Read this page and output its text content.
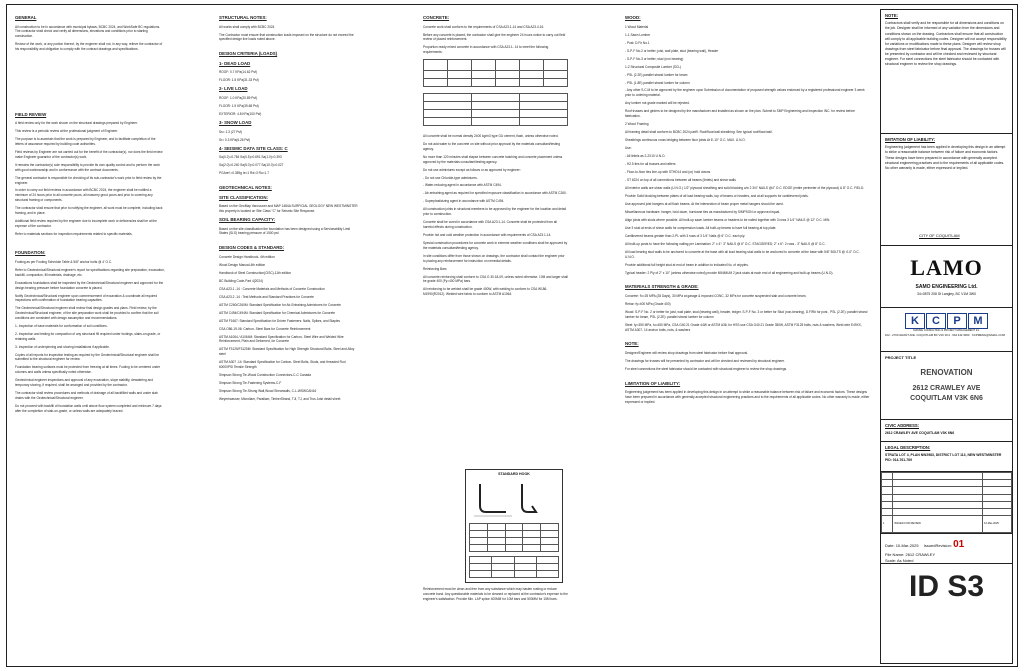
GENERAL

All construction to be in accordance with municipal bylaws, BCBC 2024, and WorkSafe BC regulations. The contractor shall check and verify all dimensions, elevations and conditions prior to starting construction.

Review of the work, or any portion thereof, by the engineer shall not, in any way, relieve the contractor of his responsibility and obligation to comply with the contract drawings and specifications.

FIELD REVIEW

A field review only for the work shown on the structural drawings prepared by Engineer.

This review is a periodic review at the professional judgment of Engineer.

The purpose is to ascertain that the work is prepared by Engineer, and to facilitate completion of the letters of assurance required by building code authorities.

Field reviews by Engineer are not carried out for the benefit of the contractor(s), nor does the field review make Engineer guarantor of the contractor(s) work.

It remains the contractor(s) sole responsibility to provide its own quality control and to perform the work with good workmanship and in conformance with the contract documents.

The general contractor is responsible for checking of its sub-contractor's work prior to field review by the engineer.

In order to carry out field reviews in accordance with BCBC 2024, the engineer shall be notified a minimum of 24 hours prior to all concrete pours, all masonry grout pours and prior to covering any structural framing or components.

The contractor shall ensure that prior to notifying the engineer, all work must be complete, including back framing, and in place.

Additional field review required by the engineer due to incomplete work or deficiencies shall be at the expense of the contractor.

Refer to materials sections for inspection requirements related to specific materials.

FOUNDATION:

Footing as per Footing Schedule Table & 5/8" anchor bolts @ 4' O.C.

Refer to Geotechnical/Structural engineer's report for specifications regarding site preparation, excavation, backfill, compaction, fill materials, drainage, etc.

Excavations foundations shall be inspected by the Geotechnical/Structural engineer and approved for the design bearing pressure before foundation concrete is placed.

Notify Geotechnical/Structural engineer upon commencement of excavation & coordinate all required inspections with confirmation of foundation bearing capacities.

The Geotechnical/Structural engineer shall review final design grades and plans. Field review, by the Geotechnical/Structural engineer, of the site preparation work shall be provided to confirm that the soil conditions are consistent with design assumption and recommendations.

1- Inspection of base materials for conformation of soil conditions.

2- Inspection and testing for compaction of any structural fill required under footings, slabs-on-grade, or retaining walls.

3- Inspection of underpinning and shoring installations if applicable.

Copies of all reports for inspection testing as required by the Geotechnical/Structural engineer shall be submitted to the structural engineer for review.

Foundation bearing surfaces must be protected from freezing at all times. Footing to be centered under columns and walls unless specifically noted otherwise.

Geotechnical engineer inspections and approval of any excavation, slope stability, dewatering and temporary shoring, if required, shall be arranged and provided by the contractor.

The contractor shall review procedures and methods of drainage of all backfilled walls and under slab drains with the Geotechnical/Structural engineer.

Do not proceed with backfill of foundation walls until above floor system completed and minimum 7 days after the completion of slab-on-grade, or unless walls are adequately braced.

STRUCTURAL NOTES:

All works shall comply with BCBC 2024

The Contractor must ensure that construction loads imposed on the structure do not exceed the specified design live loads noted above.

DESIGN CRITERIA (LOADS)
1- DEAD LOAD

ROOF: 0.7 KPa(14.62 Psf)

FLOOR: 1.5 KPa(31.33 Psf)

2- LIVE LOAD

ROOF: 1.0 KPa(20.89 Psf)

FLOOR: 1.9 KPa(39.68 Psf)

EXTERIOR: 4.8 KPa(100 Psf)

3- SNOW LOAD

Ss= 1.3 (27 Psf)

Sr= 0.3 KPa(6.26 Psf)

4- SEISMIC DATA SITE CLASS: C

Sa(0.2)=0.784 Sa(0.5)=0.691 Sa(1.0)=0.393

Sa(2.0)=0.240 Sa(5.0)=0.077 Sa(10.0)=0.027

PGAref =0.359g Ie=1 Rd=3 Ro=1.7

GEOTECHNICAL NOTES:
SITE CLASSIFICATION:

Based on the GeoMap Vancouver and MAP 1484A SURFICIAL GEOLOGY NEW WESTMINSTER this property is located on Site Class "C" for Seismic Site Response.

SOIL BEARING CAPACITY:

Based on the site classification the foundation has been designed using a Serviceability Limit States (SLS) bearing pressure of 1500 psf.

DESIGN CODES & STANDARD:

Concrete Design Handbook- 4th edition

Wood Design Manual-4th edition

Handbook of Steel Construction(CISC)-11th edition

BC Building Code-Part 4(2024)

CSA A23.1 -14 : Concrete Materials and Methods of Concrete Construction

CSA A23.2 -14 : Test Methods and Standard Practices for Concrete

ASTM C260/C260M: Standard Specification for Air-Entraining Admixtures for Concrete

ASTM C494/C494M: Standard Specification for Chemical Admixtures for Concrete

ASTM F1667: Standard Specification for Driven Fasteners: Nails, Spikes, and Staples

CSA O86-19-06: Carbon- Steel Bars for Concrete Reinforcement

ASTM A1064 / A1064M: Standard Specification for Carbon- Steel Wire and Welded Wire Reinforcement, Plain and Deformed, for Concrete

ASTM F3125/F3125M: Standard Specification for High Strength Structural Bolts, Steel and Alloy steel

ASTM A307 -14: Standard Specification for Carbon- Steel Bolts, Studs, and threaded Rod 60000PSI Tensile Strength

Simpson Strong Tie-Wood Construction Connectors-C-C Canada

Simpson Strong Tie-Fastening Systems-C-F

Simpson Strong Tie-Strong Wall,Wood Shearwalls, C-L-WSWCAN16

Weyerhaeuser, Microllam, Parallam, TimberStrand, TJI, TJ, and Trus Joist detail sheet

CONCRETE:

Concrete work shall conform to the requirements of CSA A23.1-14 and CSA A23.4-16.

Before any concrete is placed, the contractor shall give the engineer 24 hours notice to carry out field review of placed reinforcement.

Proportion ready mixed concrete in accordance with CSA A23.1- 14 to meet the following requirements:

All concrete shall be normal density 2400 kg/m3 type GU cement, flash, unless otherwise noted.

Do not add water to the concrete on site without prior approval by the materials consultant/testing agency.

No more than 120 minutes shall elapse between concrete batching and concrete placement unless approved by the materials consultant/testing agency.

Do not use admixtures except as follows or as approved by engineer:

- Do not use Chloride-type admixtures.

- Water-reducing agent in accordance with ASTM C494.

- Air-entraining agent as required for specified exposure classification in accordance with ASTM C260.

- Superplasticizing agent in accordance with ASTM C494.

All construction joints in structural members to be approved by the engineer for the location and detail prior to construction.

Concrete shall be cured in accordance with CSA A23.1-14. Concrete shall be protected from all harmful effects during construction.

Provide hot and cold weather protection in accordance with requirements of CSA A23.1-14.

Special construction procedures for concrete work in extreme weather conditions shall be approved by the materials consultant/testing agency.

In site conditions differ from those shown on drawings, the contractor shall contact the engineer prior to placing any reinforcement for instruction on remedial details.

Reinforcing Bars

All concrete reinforcing shall conform to CSA G 30.18-09, unless noted otherwise. 10M and larger shall be grade 400 (Fy=400 MPa) bars.

All reinforcing to be welded shall be grade 400W, with welding to conform to CSA W186-M1990(R2012). Welded wire fabric to conform to ASTM A1064.

STANDARD HOOK

Reinforcement must be clean and free from any substance which may hasten rusting or reduce concrete bond. Any questionable materials to be cleaned or replaced at the contractor's expense to the engineer's satisfaction. Provide Min. LAP splice 400MM for 10M bars and 500MM for 15M bars.

WOOD:

1 Wood Material

1-1 Sawn Lumber

- Post: D.Fir No.1

- S-P-F No.2 or better; joist, wall plate, stud (bearing wall), Header

- S-P-F No.3 or better; stud (non bearing)

1-2 Structural Composite Lumber (SCL)

- PSL (2.2E) parallel strand lumber for beam

- PSL (1.8E) parallel strand lumber for column

- Any other S.C.M to be approved by the engineer upon Submission of documentation of proposed strength values endorsed by a registered professional engineer 3 week prior to ordering material.

Any lumber not grade marked will be rejected.

Roof trusses and girders to be designed by the manufacturer and installed as shown on the plan. Submit to SMP Engineering and Inspection INC. for review before fabrication.

2 Wood Framing

All framing detail shall conform to BCBC 2024 part9. Roof/floor/wall sheathing: See typical roof/floor/wall.

Sheathings continuous cross bridging between floor joists At 6'-10" O.C. MAX. U.N.O.

Use:

- All lintels as 2-2X10 U.N.O.

- H2.5 ties for all trusses and rafters

- Floor-to-floor ties line-up with STHD14 and (or) hold downs

- ST 6224 on top of all connections between all beams (lintels) and shear walls

All exterior walls are shear walls (U.N.O.) 1/2" plywood sheathing and solid blocking c/w 2 3/4" NAILS @4" O.C. EDGE (entire perimeter of the plywood) & 8" O.C. FIELD.

Provide Solid blocking between plates of all load bearing walls, top of beams or headers, and at all supports for cantilevered joists.

Use approved joist hangers at all flush beams. At the intersection of beam proper metal hangers should be used.

Miscellaneous hardware: hanger, hold down, hurricane ties as manufactured by SIMPSON or approved equal.

Align joists with studs where possible. All built-up sawn lumber beams or headers to be nailed together with 3 rows 3 1/4" NAILS @ 12" O.C. MIN.

Use 3 stud at ends of shear walls for compression loads. All built-up beams to have full bearing at top plate.

Cantilevered beams greater than 2-PL with 3 rows of 3 1/4" Nails @ 6" O.C. each ply.

All built-up posts to have the following nailing per Lamination: 2" x 4": 3" NAILS @ 6" O.C. STAGGERED; 2" x 6": 2 rows - 3" NAILS @ 8" O.C.

All load bearing stud walls to be anchored to concrete at the base with all load bearing stud walls to be anchored to concrete at the base with 5/8" BOLTS @ 4'-0" O.C. U.N.O.

Provide additional full height stud at end of beam in addition to indicated No. of cripples.

Typical header: 2 Ply of 2" x 10" (unless otherwise noted) provide MINIMUM 2 jack studs at each end of all engineering and built-up beams (U.N.O).

MATERIALS STRENGTH & GRADE:

Concrete: f'c=25 MPA (28 Days), 30 MPa at garage & exposed CONC, 32 MPa for concrete suspended slab and concrete beam.

Rebar: fy=400 MPa (Grade 400)

Wood: S-P-F No. 2 or better for joist, wall plate, stud (bearing wall), header, ledger. S-P-F No. 3 or better for Stud (non-bearing), D.FIR# for post , PSL (2.2E): parallel strand lumber for beam, PSL (2.2E): parallel strand lumber for column

Steel: fy=350 MPa, fu=450 MPa, CSA G40.21 Grade 44W or ASTM A36; for HSS use CSA G40.21 Grade 350W, ASTM F3125 bolts, nuts & washers, Weld wire E49XX, ASTM A307- 14 anchor bolts, nuts, & washers

NOTE:

Designer/Engineer will review shop drawings from steel fabricator before final approval.

The drawings for trusses will be presented by contractor and will be checked and reviewed by structural engineer.

For steel connections the steel fabricator should be contacted with structural engineer to review the shop drawings.

LIMITATION OF LIABILITY:

Engineering judgement has been applied in developing this design in an attempt to strike a reasonable balance between risk of failure and economic factors. These designs have been prepared in accordance with generally accepted structural engineering practices and to the requirements of all applicable codes. No other warranty is made, either expressed or implied.

NOTE:
Contractors shall verify and be responsible for all dimensions and conditions on the job. Designer shall be informed of any variation from the dimensions and conditions shown on the drawing. Contractors shall ensure that all construction will comply to all applicable building codes. Designer will not accept responsibility for variations or modifications made to these plans. Designer will review shop drawings from steel fabricator before final approval. The drawings for trusses will be presented by contractor and will be checked and reviewed by structural engineer. For steel connections the steel fabricator should be contacted with structural engineer to review the shop drawings.
IMITATION OF LIABILITY:
Engineering judgement has been applied in developing this design in an attempt to strike a reasonable balance between risk of failure and economic factors. These designs have been prepared in accordance with generally accepted structural engineering practices and to the requirements of all applicable codes. No other warranty is made, either expressed or implied.
CITY OF COQUITLAM
LAMO
SAMO ENGINEERING Ltd.
34=0875 208 St Langley, BC V1M 3W0
K	C	P	M
KHIONE CONSULTING & PROJECT MANAGEMENT Inc.
102 - 2700 GRANT AVE. COQUITLAM BC V3C 0C4 · 604 442 3063 · KCPMENG@GMAIL.COM
PROJECT TITLE
RENOVATION
2612 CRAWLEY AVE
COQUITLAM V3K 6N6
CIVIC ADDRESS:
2612 CRAWLEY AVE COQUITLAM V3K 6N6
LEGAL DESCRIPTION:
STRATA LOT 4, PLAN NW2983, DISTRICT LOT 113, NEW WESTMINSTER PID: 014-761-789

1	ISSUED FOR REVIEW	10-Mar-2025
Date: 10-Mar-2025 IssuedRevision: 01
File Name: 2612 CRAWLEY
Scale: As Noted
ID S3
